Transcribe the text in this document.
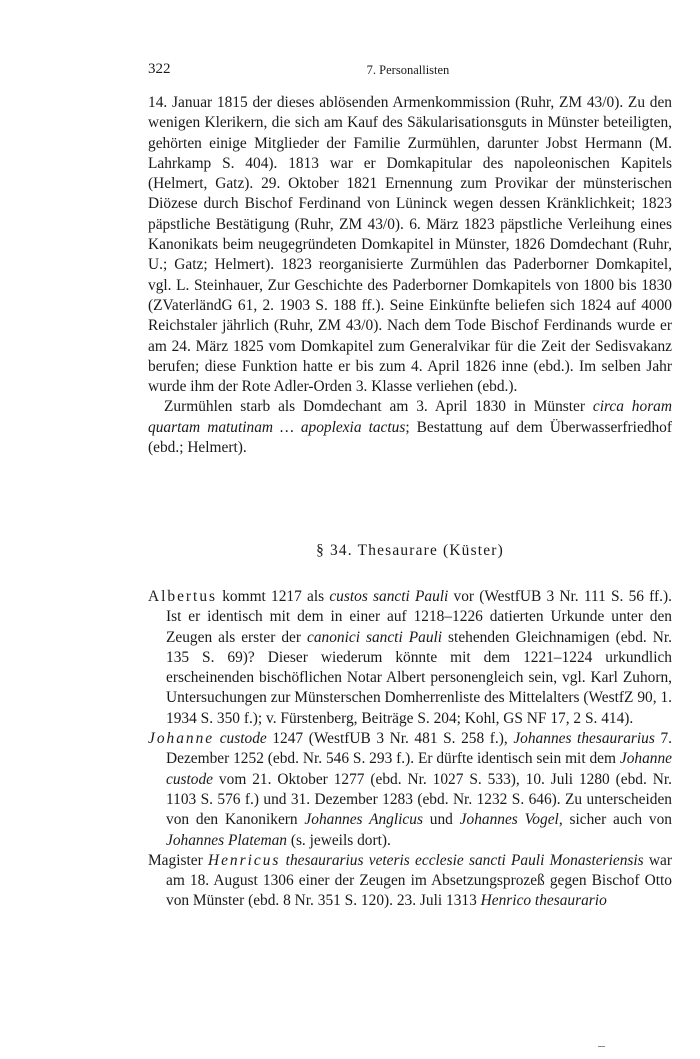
322	7. Personallisten

14. Januar 1815 der dieses ablösenden Armenkommission (Ruhr, ZM 43/0). Zu den wenigen Klerikern, die sich am Kauf des Säkularisationsguts in Münster beteiligten, gehörten einige Mitglieder der Familie Zurmühlen, darunter Jobst Hermann (M. Lahrkamp S. 404). 1813 war er Domkapitular des napoleonischen Kapitels (Helmert, Gatz). 29. Oktober 1821 Ernennung zum Provikar der münsterischen Diözese durch Bischof Ferdinand von Lüninck wegen dessen Kränklichkeit; 1823 päpstliche Bestätigung (Ruhr, ZM 43/0). 6. März 1823 päpstliche Verleihung eines Kanonikats beim neugegründeten Domkapitel in Münster, 1826 Domdechant (Ruhr, U.; Gatz; Helmert). 1823 reorganisierte Zurmühlen das Paderborner Domkapitel, vgl. L. Steinhauer, Zur Geschichte des Paderborner Domkapitels von 1800 bis 1830 (ZVaterländG 61, 2. 1903 S. 188 ff.). Seine Einkünfte beliefen sich 1824 auf 4000 Reichstaler jährlich (Ruhr, ZM 43/0). Nach dem Tode Bischof Ferdinands wurde er am 24. März 1825 vom Domkapitel zum Generalvikar für die Zeit der Sedisvakanz berufen; diese Funktion hatte er bis zum 4. April 1826 inne (ebd.). Im selben Jahr wurde ihm der Rote Adler-Orden 3. Klasse verliehen (ebd.).

Zurmühlen starb als Domdechant am 3. April 1830 in Münster circa horam quartam matutinam … apoplexia tactus; Bestattung auf dem Überwasserfriedhof (ebd.; Helmert).

§ 34. Thesaurare (Küster)

Albertus kommt 1217 als custos sancti Pauli vor (WestfUB 3 Nr. 111 S. 56 ff.). Ist er identisch mit dem in einer auf 1218–1226 datierten Urkunde unter den Zeugen als erster der canonici sancti Pauli stehenden Gleichnamigen (ebd. Nr. 135 S. 69)? Dieser wiederum könnte mit dem 1221–1224 urkundlich erscheinenden bischöflichen Notar Albert personengleich sein, vgl. Karl Zuhorn, Untersuchungen zur Münsterschen Domherrenliste des Mittelalters (WestfZ 90, 1. 1934 S. 350 f.); v. Fürstenberg, Beiträge S. 204; Kohl, GS NF 17, 2 S. 414).

Johanne custode 1247 (WestfUB 3 Nr. 481 S. 258 f.), Johannes thesaurarius 7. Dezember 1252 (ebd. Nr. 546 S. 293 f.). Er dürfte identisch sein mit dem Johanne custode vom 21. Oktober 1277 (ebd. Nr. 1027 S. 533), 10. Juli 1280 (ebd. Nr. 1103 S. 576 f.) und 31. Dezember 1283 (ebd. Nr. 1232 S. 646). Zu unterscheiden von den Kanonikern Johannes Anglicus und Johannes Vogel, sicher auch von Johannes Plateman (s. jeweils dort).

Magister Henricus thesaurarius veteris ecclesie sancti Pauli Monasteriensis war am 18. August 1306 einer der Zeugen im Absetzungsprozeß gegen Bischof Otto von Münster (ebd. 8 Nr. 351 S. 120). 23. Juli 1313 Henrico thesaurario
